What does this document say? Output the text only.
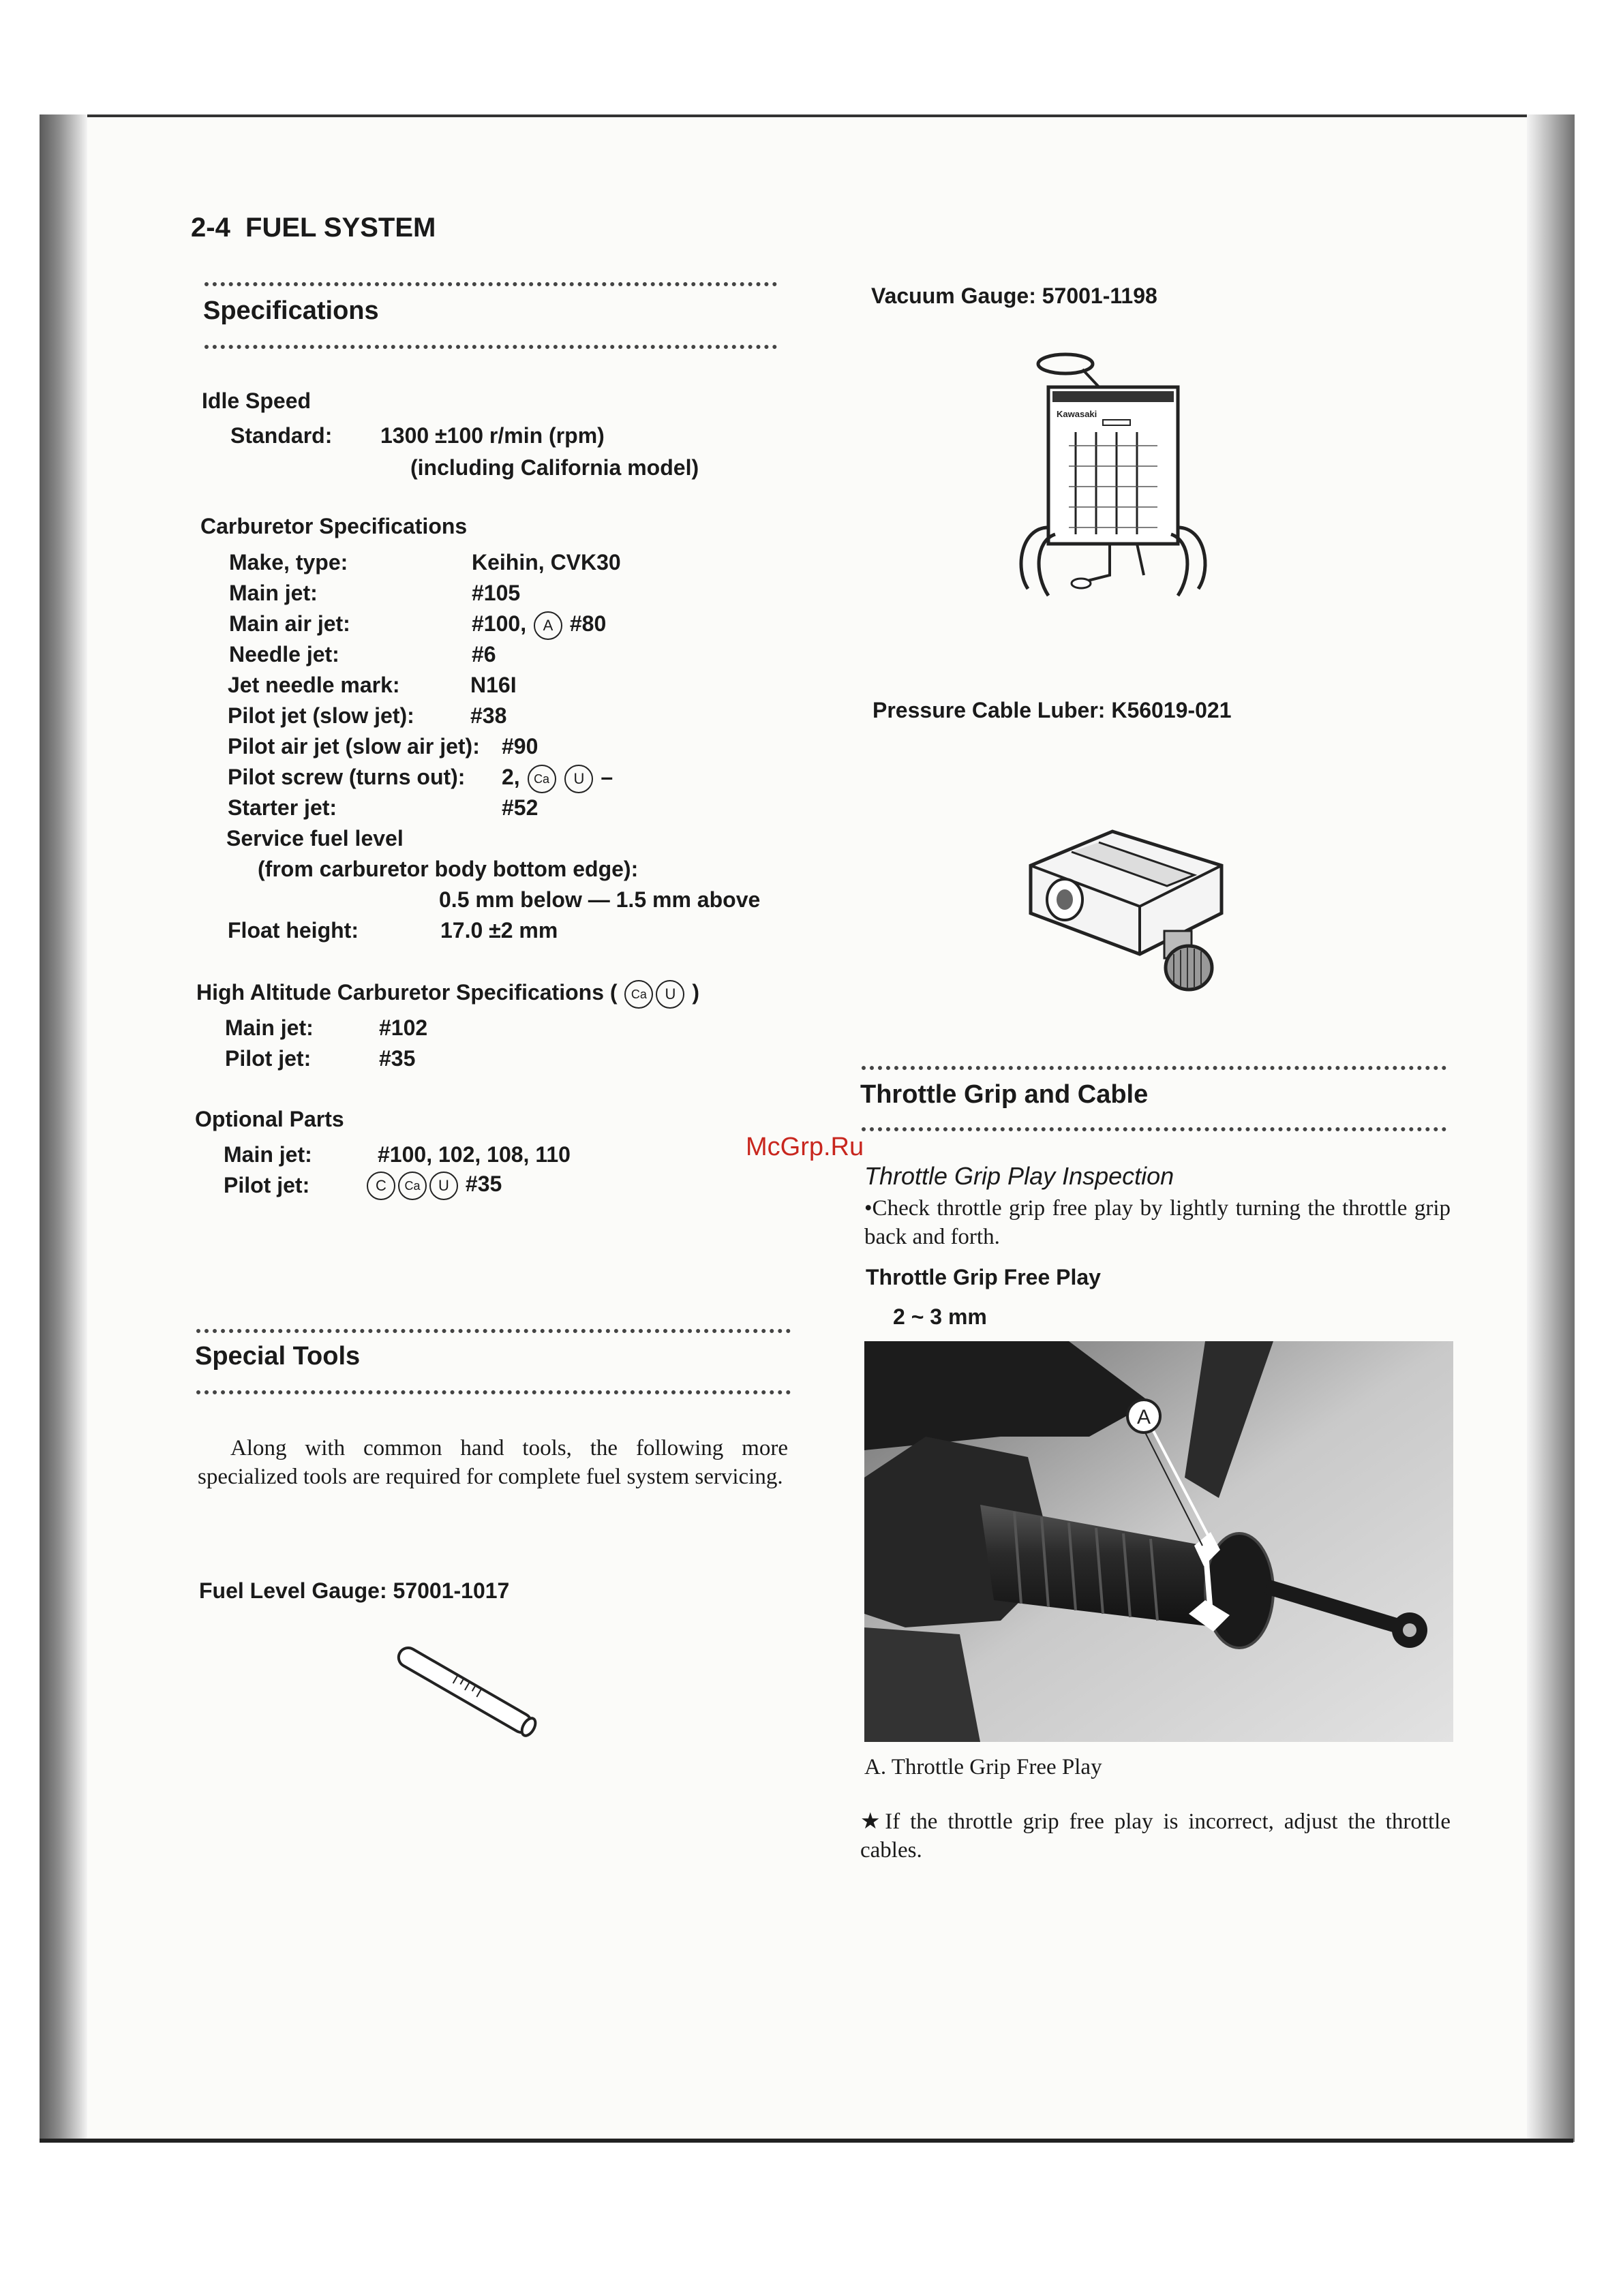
2-4 FUEL SYSTEM
Specifications
Idle Speed
Standard: 1300 ±100 r/min (rpm)
(including California model)
Carburetor Specifications
Make, type:	Keihin, CVK30
Main jet:	#105
Main air jet:	#100, A #80
Needle jet:	#6
Jet needle mark:	N16I
Pilot jet (slow jet):	#38
Pilot air jet (slow air jet): #90
Pilot screw (turns out): 2, Ca U –
Starter jet:	#52
Service fuel level
(from carburetor body bottom edge):
0.5 mm below — 1.5 mm above
Float height:	17.0 ±2 mm
High Altitude Carburetor Specifications ( Ca U )
Main jet:	#102
Pilot jet:	#35
Optional Parts
Main jet:	#100, 102, 108, 110
Pilot jet:	C Ca U #35
Special Tools
Along with common hand tools, the following more specialized tools are required for complete fuel system servicing.
Fuel Level Gauge: 57001-1017
Vacuum Gauge: 57001-1198
Kawasaki
Pressure Cable Luber: K56019-021
Throttle Grip and Cable
Throttle Grip Play Inspection
•Check throttle grip free play by lightly turning the throttle grip back and forth.
Throttle Grip Free Play
2 ~ 3 mm
A
A. Throttle Grip Free Play
★If the throttle grip free play is incorrect, adjust the throttle cables.
McGrp.Ru
